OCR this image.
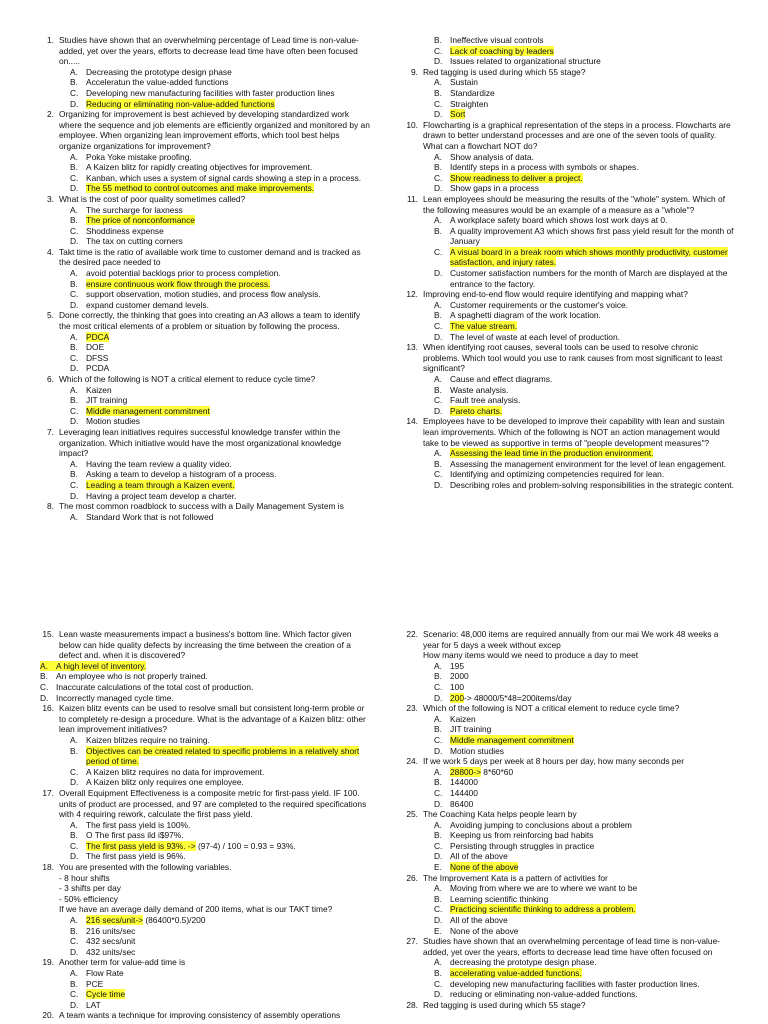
1. Studies have shown that an overwhelming percentage of Lead time is non-value-added, yet over the years, efforts to decrease lead time have often been focused on.....
A. Decreasing the prototype design phase
B. Acceleratun the value-added functions
C. Developing new manufacturing facilities with faster production lines
D. Reducing or eliminating non-value-added functions
2. Organizing for improvement is best achieved by developing standardized work where the sequence and job elements are efficiently organized and monitored by an employee. When organizing lean improvement efforts, which tool best helps organize organizations for improvement?
A. Poka Yoke mistake proofing.
B. A Kaizen blitz for rapidly creating objectives for improvement.
C. Kanban, which uses a system of signal cards showing a step in a process.
D. The 55 method to control outcomes and make improvements.
3. What is the cost of poor quality sometimes called?
A. The surcharge for laxness
B. The price of nonconformance
C. Shoddiness expense
D. The tax on cutting corners
4. Takt time is the ratio of available work time to customer demand and is tracked as the desired pace needed to
A. avoid potential backlogs prior to process completion.
B. ensure continuous work flow through the process.
C. support observation, motion studies, and process flow analysis.
D. expand customer demand levels.
5. Done correctly, the thinking that goes into creating an A3 allows a team to identify the most critical elements of a problem or situation by following the process.
A. PDCA
B. DOE
C. DFSS
D. PCDA
6. Which of the following is NOT a critical element to reduce cycle time?
A. Kaizen
B. JIT training
C. Middle management commitment
D. Motion studies
7. Leveraging lean initiatives requires successful knowledge transfer within the organization. Which initiative would have the most organizational knowledge impact?
A. Having the team review a quality video.
B. Asking a team to develop a histogram of a process.
C. Leading a team through a Kaizen event.
D. Having a project team develop a charter.
8. The most common roadblock to success with a Daily Management System is
A. Standard Work that is not followed
B. Ineffective visual controls
C. Lack of coaching by leaders
D. Issues related to organizational structure
9. Red tagging is used during which 55 stage?
A. Sustain
B. Standardize
C. Straighten
D. Sort
10. Flowcharting is a graphical representation of the steps in a process. Flowcharts are drawn to better understand processes and are one of the seven tools of quality. What can a flowchart NOT do?
A. Show analysis of data.
B. Identify steps in a process with symbols or shapes.
C. Show readiness to deliver a project.
D. Show gaps in a process
11. Lean employees should be measuring the results of the "whole" system. Which of the following measures would be an example of a measure as a "whole"?
A. A workplace safety board which shows lost work days at 0.
B. A quality improvement A3 which shows first pass yield result for the month of January
C. A visual board in a break room which shows monthly productivity, customer satisfaction, and injury rates.
D. Customer satisfaction numbers for the month of March are displayed at the entrance to the factory.
12. Improving end-to-end flow would require identifying and mapping what?
A. Customer requirements or the customer's voice.
B. A spaghetti diagram of the work location.
C. The value stream.
D. The level of waste at each level of production.
13. When identifying root causes, several tools can be used to resolve chronic problems. Which tool would you use to rank causes from most significant to least significant?
A. Cause and effect diagrams.
B. Waste analysis.
C. Fault tree analysis.
D. Pareto charts.
14. Employees have to be developed to improve their capability with lean and sustain lean improvements. Which of the following is NOT an action management would take to be viewed as supportive in terms of "people development measures"?
A. Assessing the lead time in the production environment.
B. Assessing the management environment for the level of lean engagement.
C. Identifying and optimizing competencies required for lean.
D. Describing roles and problem-solving responsibilities in the strategic content.
15. Lean waste measurements impact a business's bottom line. Which factor given below can hide quality defects by increasing the time between the creation of a defect and. when it is discovered?
A. A high level of inventory.
B. An employee who is not properly trained.
C. Inaccurate calculations of the total cost of production.
D. Incorrectly managed cycle time.
16. Kaizen blitz events can be used to resolve small but consistent long-term proble or to completely re-design a procedure. What is the advantage of a Kaizen blitz: other lean improvement initiatives?
A. Kaizen blitzes require no training.
B. Objectives can be created related to specific problems in a relatively short period of time.
C. A Kaizen blitz requires no data for improvement.
D. A Kaizen blitz only requires one employee.
17. Overall Equipment Effectiveness is a composite metric for first-pass yield. IF 100. units of product are processed, and 97 are completed to the required specifications with 4 requiring rework, calculate the first pass yield.
A. The first pass yield is 100%.
B. O The first pass ild i$97%.
C. The first pass yield is 93%. -> (97-4) / 100 = 0.93 = 93%.
D. The first pass yield is 96%.
18. You are presented with the following variables.
- 8 hour shifts
- 3 shifts per day
- 50% efficiency
If we have an average daily demand of 200 items, what is our TAKT time?
A. 216 secs/unit-> (86400*0.5)/200
B. 216 units/sec
C. 432 secs/unit
D. 432 units/sec
19. Another term for value-add time is
A. Flow Rate
B. PCE
C. Cycle time
D. LAT
20. A team wants a technique for improving consistency of assembly operations
22. Scenario: 48,000 items are required annually from our mai We work 48 weeks a year for 5 days a week without excep
How many items would we need to produce a day to meet
A. 195
B. 2000
C. 100
D. 200-> 48000/5*48=200items/day
23. Which of the following is NOT a critical element to reduce cycle time?
A. Kaizen
B. JIT training
C. Middle management commitment
D. Motion studies
24. If we work 5 days per week at 8 hours per day, how many seconds per
A. 28800-> 8*60*60
B. 144000
C. 144400
D. 86400
25. The Coaching Kata helps people learn by
A. Avoiding jumping to conclusions about a problem
B. Keeping us from reinforcing bad habits
C. Persisting through struggles in practice
D. All of the above
E. None of the above
26. The Improvement Kata is a pattern of activities for
A. Moving from where we are to where we want to be
B. Learning scientific thinking
C. Practicing scientific thinking to address a problem.
D. All of the above
E. None of the above
27. Studies have shown that an overwhelming percentage of lead time is non-value-added, yet over the years, efforts to decrease lead time have often focused on
A. decreasing the prototype design phase.
B. accelerating value-added functions.
C. developing new manufacturing facilities with faster production lines.
D. reducing or eliminating non-value-added functions.
28. Red tagging is used during which 55 stage?
